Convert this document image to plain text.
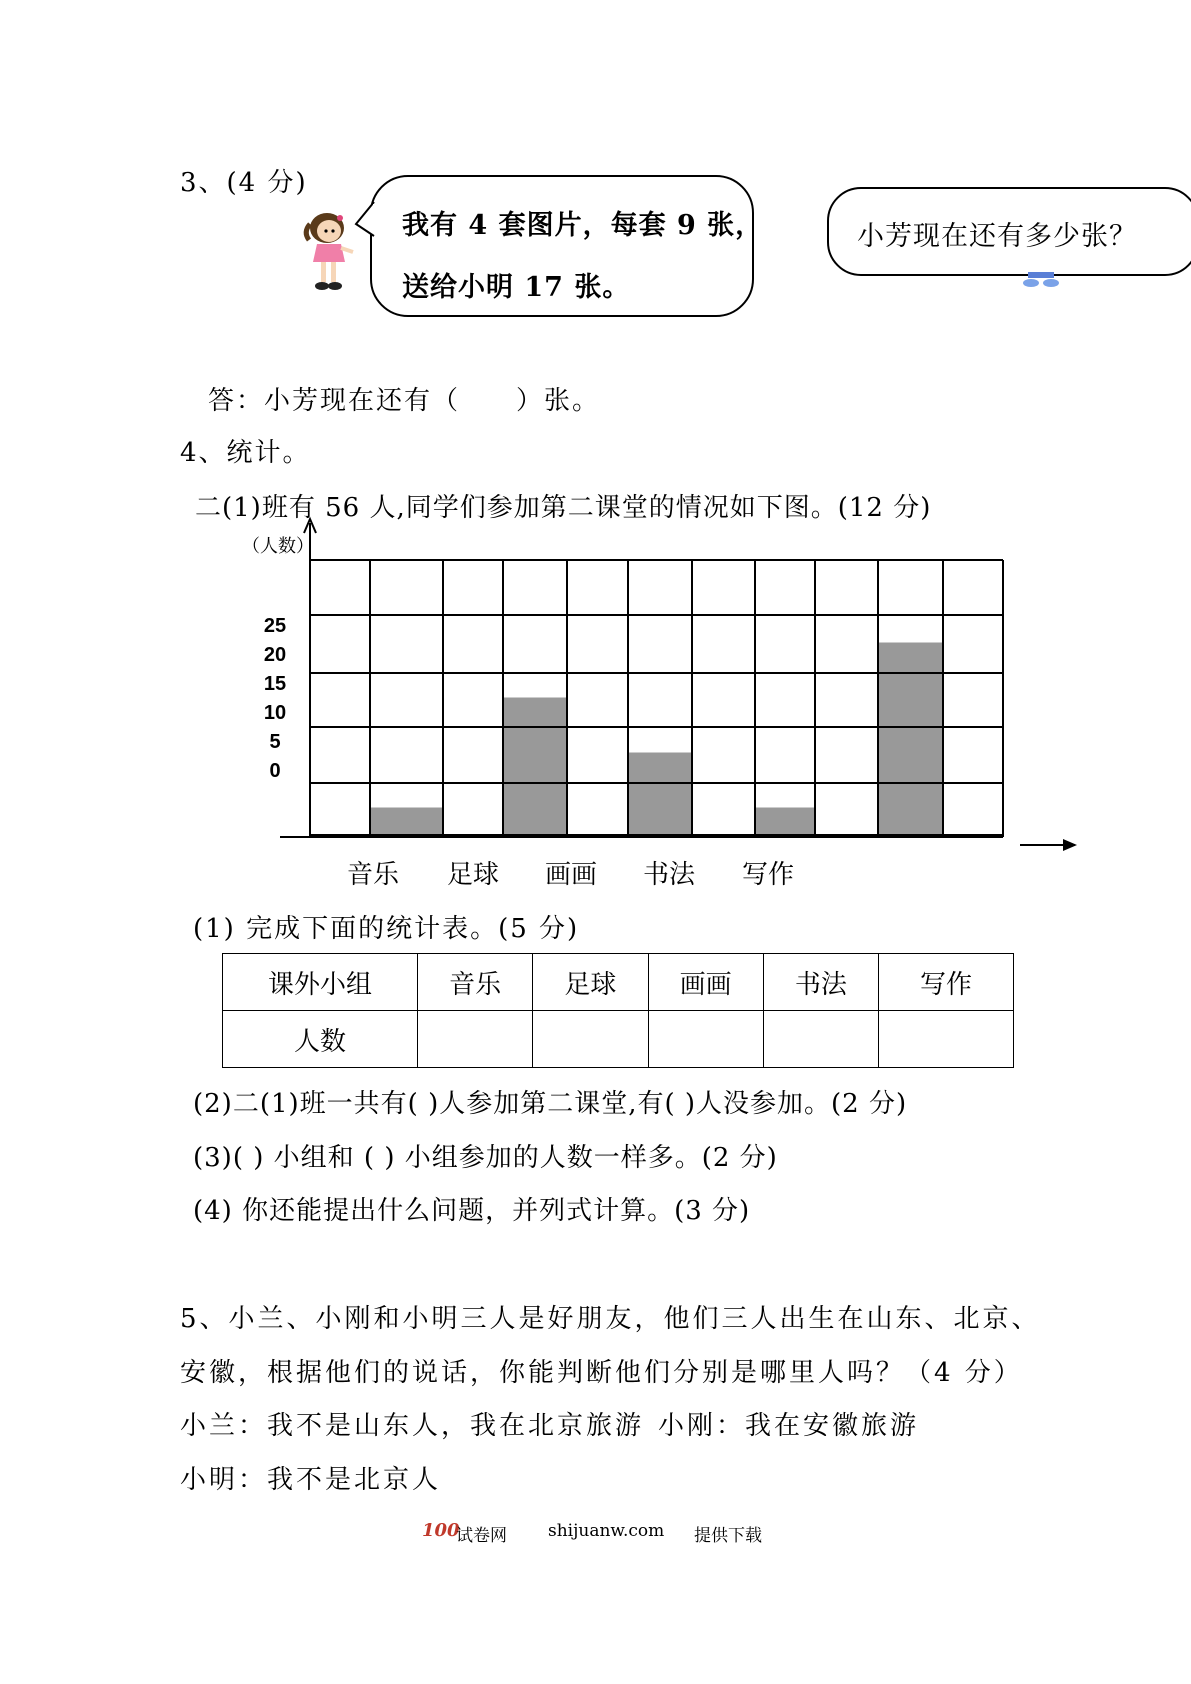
3、(4 分)
我有 4 套图片，每套 9 张，
送给小明 17 张。
小芳现在还有多少张？
答：小芳现在还有（ ）张。
4、统计。
二(1)班有 56 人,同学们参加第二课堂的情况如下图。(12 分)
（人数）
0
5
10
15
20
25
音乐 足球 画画 书法 写作
(1) 完成下面的统计表。(5 分)
课外小组	音乐	足球	画画	书法	写作
人数					
(2)二(1)班一共有( )人参加第二课堂,有( )人没参加。(2 分)
(3)( ) 小组和 ( ) 小组参加的人数一样多。(2 分)
(4) 你还能提出什么问题，并列式计算。(3 分)
5、小兰、小刚和小明三人是好朋友，他们三人出生在山东、北京、
安徽，根据他们的说话，你能判断他们分别是哪里人吗？（4 分）
小兰：我不是山东人，我在北京旅游 小刚：我在安徽旅游
小明：我不是北京人
100
试卷网 shijuanw.com 提供下载
